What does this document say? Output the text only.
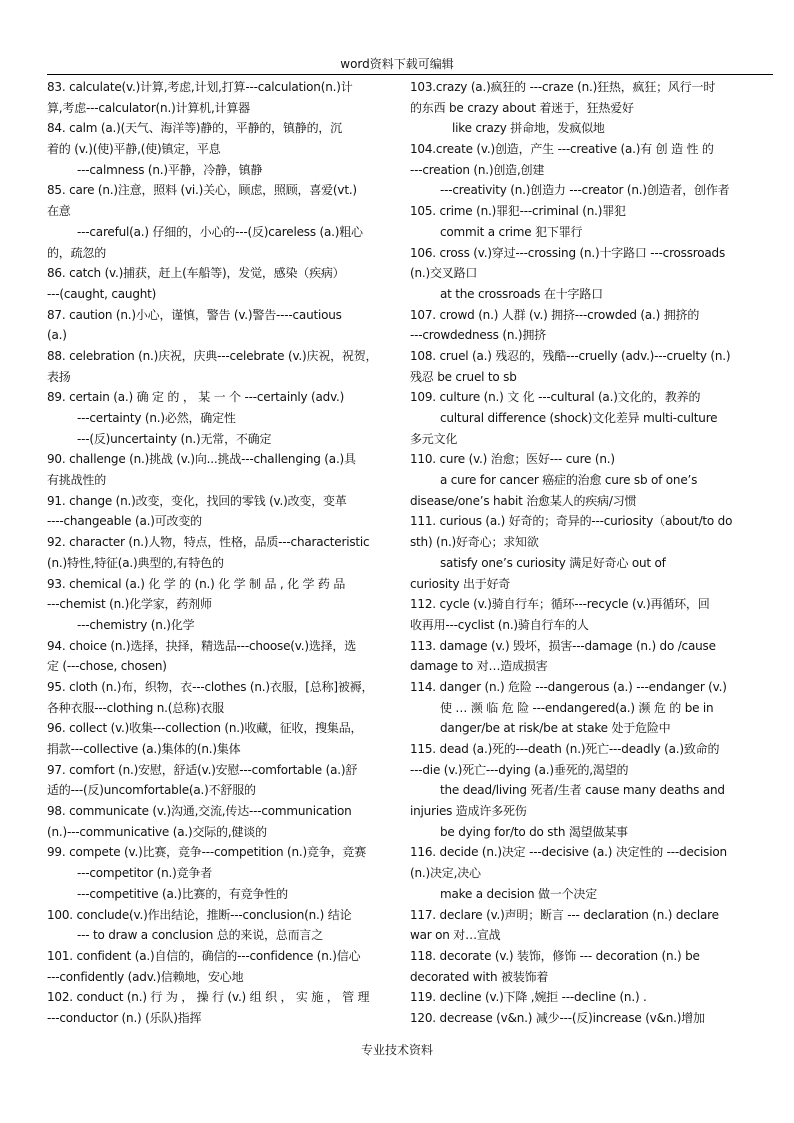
word资料下载可编辑
83. calculate(v.)计算,考虑,计划,打算---calculation(n.)计
算,考虑---calculator(n.)计算机,计算器
84. calm (a.)(天气、海洋等)静的，平静的，镇静的，沉
着的 (v.)(使)平静,(使)镇定，平息
---calmness (n.)平静，冷静，镇静
85. care (n.)注意，照料 (vi.)关心，顾虑，照顾，喜爱(vt.)
在意
---careful(a.) 仔细的，小心的---(反)careless (a.)粗心
的，疏忽的
86. catch (v.)捕获，赶上(车船等)，发觉，感染（疾病）
---(caught, caught)
87. caution (n.)小心，谨慎，警告 (v.)警告----cautious
(a.)
88. celebration (n.)庆祝，庆典---celebrate (v.)庆祝，祝贺，
表扬
89. certain (a.) 确 定 的 ， 某 一 个 ---certainly (adv.)
---certainty (n.)必然，确定性
---(反)uncertainty (n.)无常，不确定
90. challenge (n.)挑战 (v.)向...挑战---challenging (a.)具
有挑战性的
91. change (n.)改变，变化，找回的零钱 (v.)改变，变革
----changeable (a.)可改变的
92. character (n.)人物，特点，性格，品质---characteristic
(n.)特性,特征(a.)典型的,有特色的
93. chemical (a.) 化 学 的 (n.) 化 学 制 品 , 化 学 药 品
---chemist (n.)化学家，药剂师
---chemistry (n.)化学
94. choice (n.)选择，抉择，精选品---choose(v.)选择，选
定 (---chose, chosen)
95. cloth (n.)布，织物，衣---clothes (n.)衣服，[总称]被褥，
各种衣服---clothing n.(总称)衣服
96. collect (v.)收集---collection (n.)收藏，征收，搜集品，
捐款---collective (a.)集体的(n.)集体
97. comfort (n.)安慰，舒适(v.)安慰---comfortable (a.)舒
适的---(反)uncomfortable(a.)不舒服的
98. communicate (v.)沟通,交流,传达---communication
(n.)---communicative (a.)交际的,健谈的
99. compete (v.)比赛，竞争---competition (n.)竞争，竞赛
---competitor (n.)竞争者
---competitive (a.)比赛的，有竞争性的
100. conclude(v.)作出结论，推断---conclusion(n.) 结论
--- to draw a conclusion 总的来说，总而言之
101. confident (a.)自信的，确信的---confidence (n.)信心
---confidently (adv.)信赖地，安心地
102. conduct (n.) 行 为 ， 操 行 (v.) 组 织 ， 实 施 ， 管 理
---conductor (n.) (乐队)指挥
103.crazy (a.)疯狂的 ---craze (n.)狂热，疯狂；风行一时
的东西 be crazy about 着迷于，狂热爱好
like crazy 拼命地，发疯似地
104.create (v.)创造，产生 ---creative (a.)有 创 造 性 的
---creation (n.)创造,创建
---creativity (n.)创造力 ---creator (n.)创造者，创作者
105. crime (n.)罪犯---criminal (n.)罪犯
commit a crime 犯下罪行
106. cross (v.)穿过---crossing (n.)十字路口 ---crossroads
(n.)交叉路口
at the crossroads 在十字路口
107. crowd (n.) 人群 (v.) 拥挤---crowded (a.) 拥挤的
---crowdedness (n.)拥挤
108. cruel (a.) 残忍的，残酷---cruelly (adv.)---cruelty (n.)
残忍 be cruel to sb
109. culture (n.) 文 化 ---cultural (a.)文化的，教养的
cultural difference (shock)文化差异 multi-culture
多元文化
110. cure (v.) 治愈；医好--- cure (n.)
a cure for cancer 癌症的治愈 cure sb of one’s
disease/one’s habit 治愈某人的疾病/习惯
111. curious (a.) 好奇的；奇异的---curiosity（about/to do
sth) (n.)好奇心；求知欲
satisfy one’s curiosity 满足好奇心 out of
curiosity 出于好奇
112. cycle (v.)骑自行车；循环---recycle (v.)再循环，回
收再用---cyclist (n.)骑自行车的人
113. damage (v.) 毁坏，损害---damage (n.) do /cause
damage to 对…造成损害
114. danger (n.) 危险 ---dangerous (a.) ---endanger (v.)
使 … 濒 临 危 险 ---endangered(a.) 濒 危 的 be in
danger/be at risk/be at stake 处于危险中
115. dead (a.)死的---death (n.)死亡---deadly (a.)致命的
---die (v.)死亡---dying (a.)垂死的,渴望的
the dead/living 死者/生者 cause many deaths and
injuries 造成许多死伤
be dying for/to do sth 渴望做某事
116. decide (n.)决定 ---decisive (a.) 决定性的 ---decision
(n.)决定,决心
make a decision 做一个决定
117. declare (v.)声明；断言 --- declaration (n.) declare
war on 对…宣战
118. decorate (v.) 装饰，修饰 --- decoration (n.) be
decorated with 被装饰着
119. decline (v.)下降 ,婉拒 ---decline (n.) .
120. decrease (v&n.) 减少---(反)increase (v&n.)增加
专业技术资料
